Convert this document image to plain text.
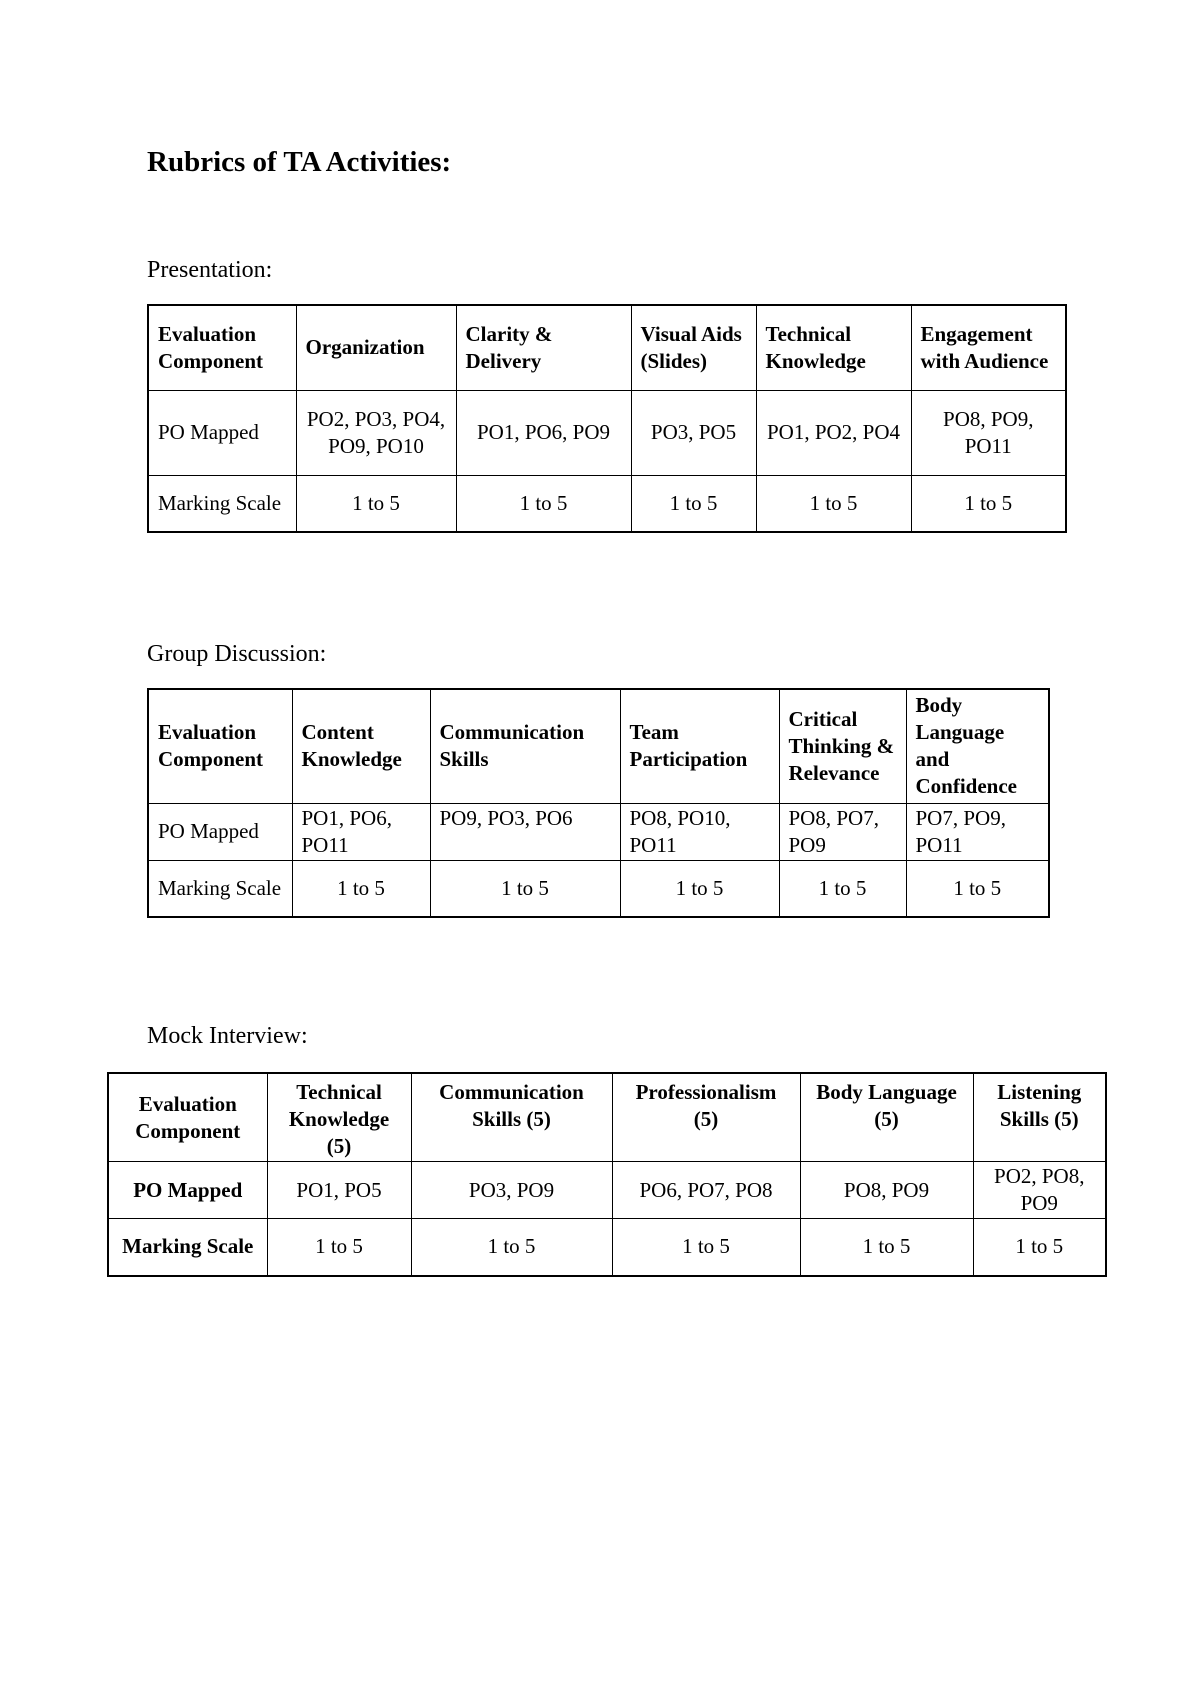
Rubrics of TA Activities:
Presentation:
Evaluation Component	Organization	Clarity & Delivery	Visual Aids (Slides)	Technical Knowledge	Engagement with Audience
PO Mapped	PO2, PO3, PO4, PO9, PO10	PO1, PO6, PO9	PO3, PO5	PO1, PO2, PO4	PO8, PO9, PO11
Marking Scale	1 to 5	1 to 5	1 to 5	1 to 5	1 to 5
Group Discussion:
Evaluation Component	Content Knowledge	Communication Skills	Team Participation	Critical Thinking & Relevance	Body Language and Confidence
PO Mapped	PO1, PO6, PO11	PO9, PO3, PO6	PO8, PO10, PO11	PO8, PO7, PO9	PO7, PO9, PO11
Marking Scale	1 to 5	1 to 5	1 to 5	1 to 5	1 to 5
Mock Interview:
Evaluation Component	Technical Knowledge (5)	Communication Skills (5)	Professionalism (5)	Body Language (5)	Listening Skills (5)
PO Mapped	PO1, PO5	PO3, PO9	PO6, PO7, PO8	PO8, PO9	PO2, PO8, PO9
Marking Scale	1 to 5	1 to 5	1 to 5	1 to 5	1 to 5
